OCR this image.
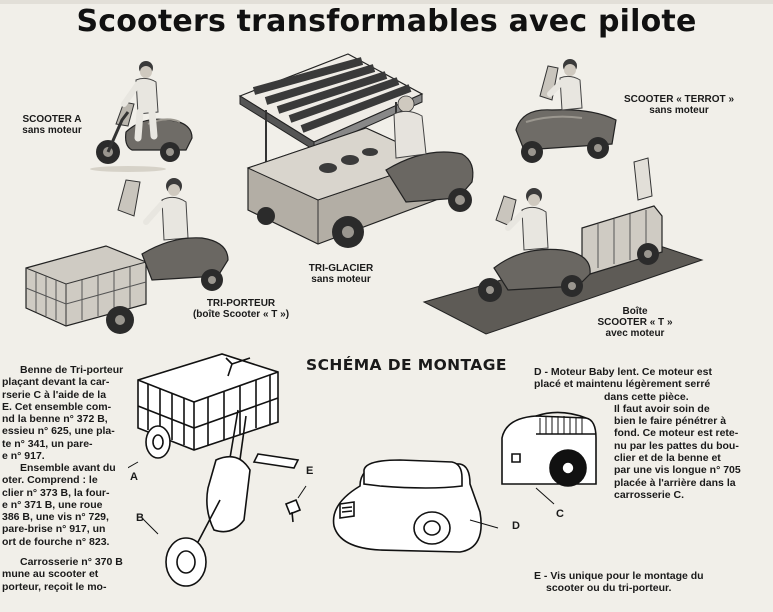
Scooters transformables avec pilote
SCOOTER A
sans moteur
TRI-GLACIER
sans moteur
SCOOTER « TERROT »
sans moteur
TRI-PORTEUR
(boîte Scooter « T »)	Boîte
SCOOTER « T »
avec moteur
SCHÉMA DE MONTAGE
Benne de Tri-porteur
plaçant devant la car-
rserie C à l'aide de la
E. Cet ensemble com-
nd la benne n° 372 B,
essieu n° 625, une pla-
te n° 341, un pare-
e n° 917.
Ensemble avant du
oter. Comprend : le
clier n° 373 B, la four-
e n° 371 B, une roue
386 B, une vis n° 729,
pare-brise n° 917, un
ort de fourche n° 823.
Carrosserie n° 370 B
mune au scooter et
porteur, reçoit le mo-
A
B
E
D
C
D - Moteur Baby lent. Ce moteur est
placé et maintenu légèrement serré
dans cette pièce.
Il faut avoir soin de
bien le faire pénétrer à
fond. Ce moteur est rete-
nu par les pattes du bou-
clier et de la benne et
par une vis longue n° 705
placée à l'arrière dans la
carrosserie C.
E - Vis unique pour le montage du
scooter ou du tri-porteur.
